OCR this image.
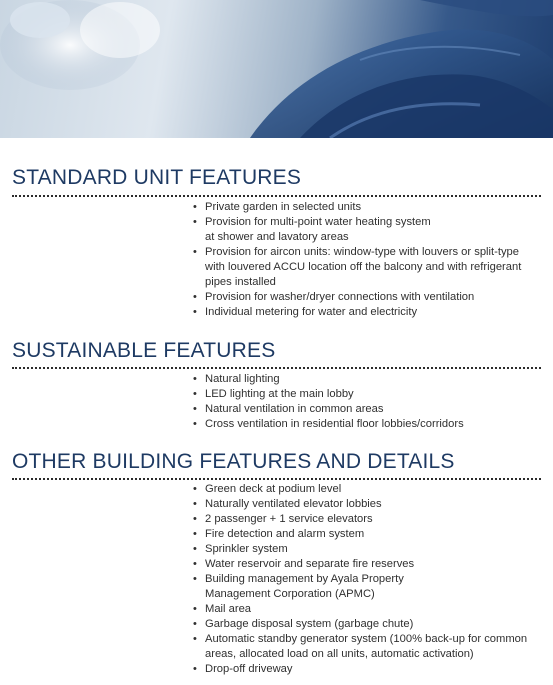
STANDARD UNIT FEATURES
• Private garden in selected units
• Provision for multi-point water heating system
at shower and lavatory areas
• Provision for aircon units: window-type with louvers or split-type
with louvered ACCU location off the balcony and with refrigerant
pipes installed
• Provision for washer/dryer connections with ventilation
• Individual metering for water and electricity
SUSTAINABLE FEATURES
• Natural lighting
• LED lighting at the main lobby
• Natural ventilation in common areas
• Cross ventilation in residential floor lobbies/corridors
OTHER BUILDING FEATURES AND DETAILS
• Green deck at podium level
• Naturally ventilated elevator lobbies
• 2 passenger + 1 service elevators
• Fire detection and alarm system
• Sprinkler system
• Water reservoir and separate fire reserves
• Building management by Ayala Property
Management Corporation (APMC)
• Mail area
• Garbage disposal system (garbage chute)
• Automatic standby generator system (100% back-up for common
areas, allocated load on all units, automatic activation)
• Drop-off driveway
